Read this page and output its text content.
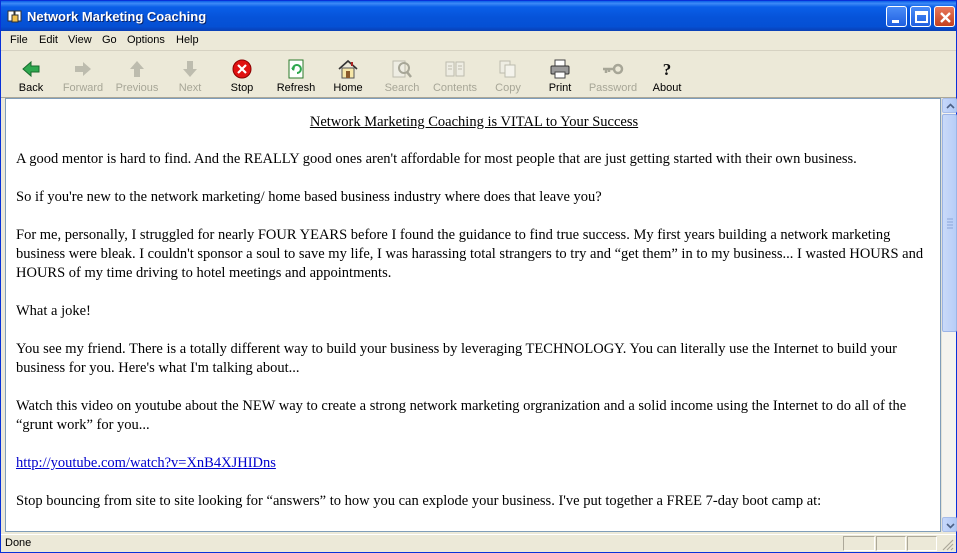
Network Marketing Coaching
File Edit View Go Options Help
Back	Forward	Previous	Next	Stop	Refresh	Home	Search	Contents	Copy	Print	Password
?
About
Network Marketing Coaching is VITAL to Your Success

A good mentor is hard to find. And the REALLY good ones aren't affordable for most people that are just getting started with their own business.

So if you're new to the network marketing/ home based business industry where does that leave you?

For me, personally, I struggled for nearly FOUR YEARS before I found the guidance to find true success. My first years building a network marketing business were bleak. I couldn't sponsor a soul to save my life, I was harassing total strangers to try and “get them” in to my business... I wasted HOURS and HOURS of my time driving to hotel meetings and appointments.

What a joke!

You see my friend. There is a totally different way to build your business by leveraging TECHNOLOGY. You can literally use the Internet to build your business for you. Here's what I'm talking about...

Watch this video on youtube about the NEW way to create a strong network marketing orgranization and a solid income using the Internet to do all of the “grunt work” for you...

http://youtube.com/watch?v=XnB4XJHIDns

Stop bouncing from site to site looking for “answers” to how you can explode your business. I've put together a FREE 7-day boot camp at:

Done
